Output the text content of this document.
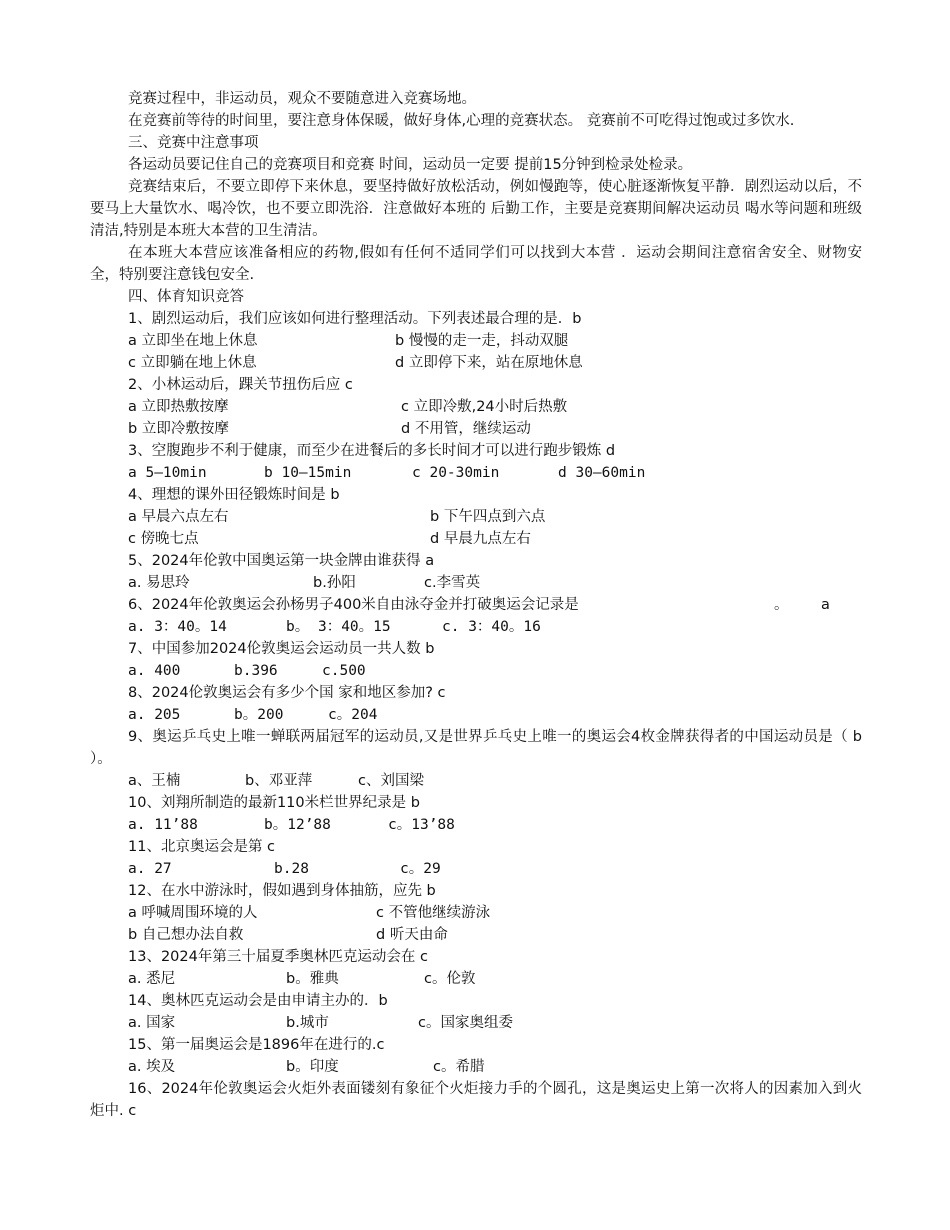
竞赛过程中，非运动员，观众不要随意进入竞赛场地。

在竞赛前等待的时间里，要注意身体保暖，做好身体,心理的竞赛状态。 竞赛前不可吃得过饱或过多饮水.

三、竞赛中注意事项

各运动员要记住自己的竞赛项目和竞赛 时间，运动员一定要 提前15分钟到检录处检录。

竞赛结束后，不要立即停下来休息，要坚持做好放松活动，例如慢跑等，使心脏逐渐恢复平静．剧烈运动以后，不要马上大量饮水、喝冷饮，也不要立即洗浴．注意做好本班的 后勤工作，主要是竞赛期间解决运动员 喝水等问题和班级清洁,特别是本班大本营的卫生清洁。

在本班大本营应该准备相应的药物,假如有任何不适同学们可以找到大本营 ．运动会期间注意宿舍安全、财物安全，特别要注意钱包安全.

四、体育知识竞答

1、剧烈运动后，我们应该如何进行整理活动。下列表述最合理的是．b

a 立即坐在地上休息	b 慢慢的走一走，抖动双腿
c 立即躺在地上休息	d 立即停下来，站在原地休息

2、小林运动后，踝关节扭伤后应 c

a 立即热敷按摩	c 立即冷敷,24小时后热敷
b 立即冷敷按摩	d 不用管，继续运动

3、空腹跑步不利于健康，而至少在进餐后的多长时间才可以进行跑步锻炼 d

a 5—10min	b 10—15min	c 20-30min	d 30—60min

4、理想的课外田径锻炼时间是 b

a 早晨六点左右	b 下午四点到六点
c 傍晚七点	d 早晨九点左右

5、2024年伦敦中国奥运第一块金牌由谁获得 a

a. 易思玲	b.孙阳	c.李雪英
6、2024年伦敦奥运会孙杨男子400米自由泳夺金并打破奥运会记录是	。 a
a. 3：40。14	b。 3：40。15	c. 3：40。16

7、中国参加2024伦敦奥运会运动员一共人数 b

a. 400	b.396	c.500

8、2024伦敦奥运会有多少个国 家和地区参加? c

a. 205	b。200	c。204

9、奥运乒乓史上唯一蝉联两届冠军的运动员,又是世界乒乓史上唯一的奥运会4枚金牌获得者的中国运动员是（ b ）。

a、王楠	b、邓亚萍	c、刘国梁

10、刘翔所制造的最新110米栏世界纪录是 b

a. 11’88	b。12’88	c。13’88

11、北京奥运会是第 c

a. 27	b.28	c。29

12、在水中游泳时，假如遇到身体抽筋，应先 b

a 呼喊周围环境的人	c 不管他继续游泳
b 自己想办法自救	d 听天由命

13、2024年第三十届夏季奥林匹克运动会在 c

a. 悉尼	b。雅典	c。伦敦

14、奥林匹克运动会是由申请主办的．b

a. 国家	b.城市	c。国家奥组委

15、第一届奥运会是1896年在进行的.c

a. 埃及	b。印度	c。希腊

16、2024年伦敦奥运会火炬外表面镂刻有象征个火炬接力手的个圆孔，这是奥运史上第一次将人的因素加入到火炬中. c
